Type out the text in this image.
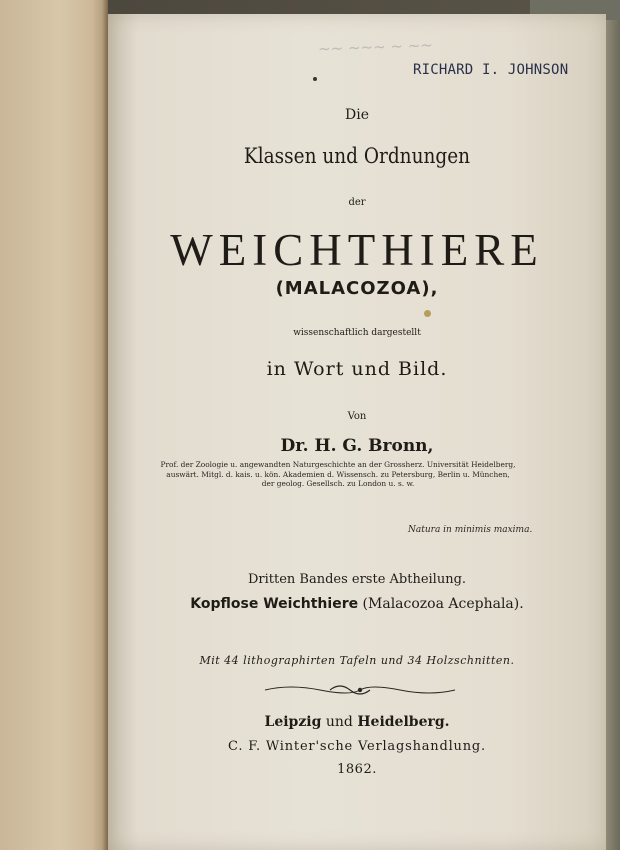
~~ ~~~ ~ ~~
RICHARD I. JOHNSON
Die
Klassen und Ordnungen
der
WEICHTHIERE
(MALACOZOA),
wissenschaftlich dargestellt
in Wort und Bild.
Von
Dr. H. G. Bronn,
Prof. der Zoologie u. angewandten Naturgeschichte an der Grossherz. Universität Heidelberg,
auswärt. Mitgl. d. kais. u. kön. Akademien d. Wissensch. zu Petersburg, Berlin u. München,
der geolog. Gesellsch. zu London u. s. w.
Natura in minimis maxima.
Dritten Bandes erste Abtheilung.
Kopflose Weichthiere (Malacozoa Acephala).
Mit 44 lithographirten Tafeln und 34 Holzschnitten.
Leipzig und Heidelberg.
C. F. Winter'sche Verlagshandlung.
1862.
